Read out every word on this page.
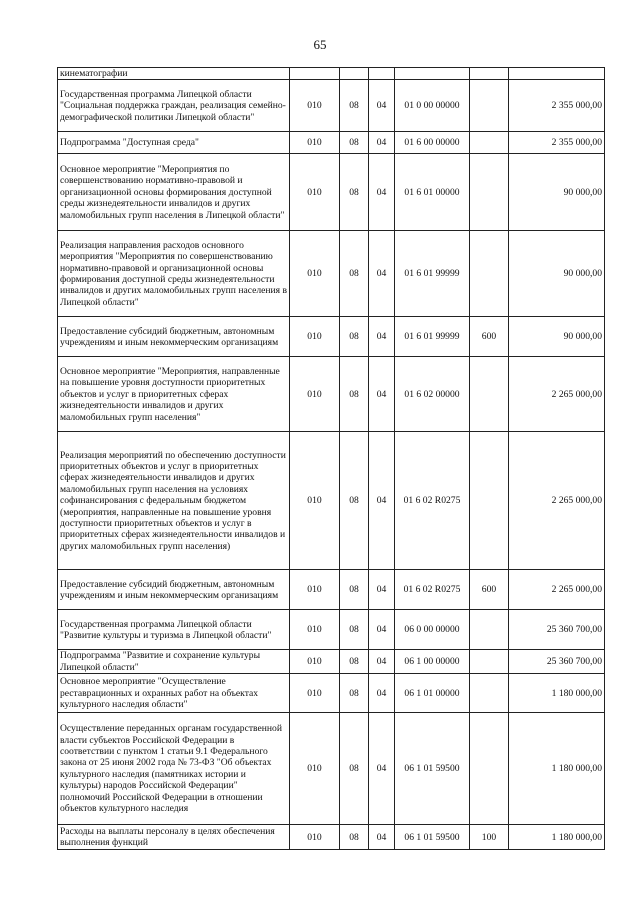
65
кинематографии						
Государственная программа Липецкой области "Социальная поддержка граждан, реализация семейно-демографической политики Липецкой области"	010	08	04	01 0 00 00000		2 355 000,00
Подпрограмма "Доступная среда"	010	08	04	01 6 00 00000		2 355 000,00
Основное мероприятие "Мероприятия по совершенствованию нормативно-правовой и организационной основы формирования доступной среды жизнедеятельности инвалидов и других маломобильных групп населения в Липецкой области"	010	08	04	01 6 01 00000		90 000,00
Реализация направления расходов основного мероприятия "Мероприятия по совершенствованию нормативно-правовой и организационной основы формирования доступной среды жизнедеятельности инвалидов и других маломобильных групп населения в Липецкой области"	010	08	04	01 6 01 99999		90 000,00
Предоставление субсидий бюджетным, автономным учреждениям и иным некоммерческим организациям	010	08	04	01 6 01 99999	600	90 000,00
Основное мероприятие "Мероприятия, направленные на повышение уровня доступности приоритетных объектов и услуг в приоритетных сферах жизнедеятельности инвалидов и других маломобильных групп населения"	010	08	04	01 6 02 00000		2 265 000,00
Реализация мероприятий по обеспечению доступности приоритетных объектов и услуг в приоритетных сферах жизнедеятельности инвалидов и других маломобильных групп населения на условиях софинансирования с федеральным бюджетом (мероприятия, направленные на повышение уровня доступности приоритетных объектов и услуг в приоритетных сферах жизнедеятельности инвалидов и других маломобильных групп населения)	010	08	04	01 6 02 R0275		2 265 000,00
Предоставление субсидий бюджетным, автономным учреждениям и иным некоммерческим организациям	010	08	04	01 6 02 R0275	600	2 265 000,00
Государственная программа Липецкой области "Развитие культуры и туризма в Липецкой области"	010	08	04	06 0 00 00000		25 360 700,00
Подпрограмма "Развитие и сохранение культуры Липецкой области"	010	08	04	06 1 00 00000		25 360 700,00
Основное мероприятие "Осуществление реставрационных и охранных работ на объектах культурного наследия области"	010	08	04	06 1 01 00000		1 180 000,00
Осуществление переданных органам государственной власти субъектов Российской Федерации в соответствии с пунктом 1 статьи 9.1 Федерального закона от 25 июня 2002 года № 73-ФЗ "Об объектах культурного наследия (памятниках истории и культуры) народов Российской Федерации" полномочий Российской Федерации в отношении объектов культурного наследия	010	08	04	06 1 01 59500		1 180 000,00
Расходы на выплаты персоналу в целях обеспечения выполнения функций	010	08	04	06 1 01 59500	100	1 180 000,00
